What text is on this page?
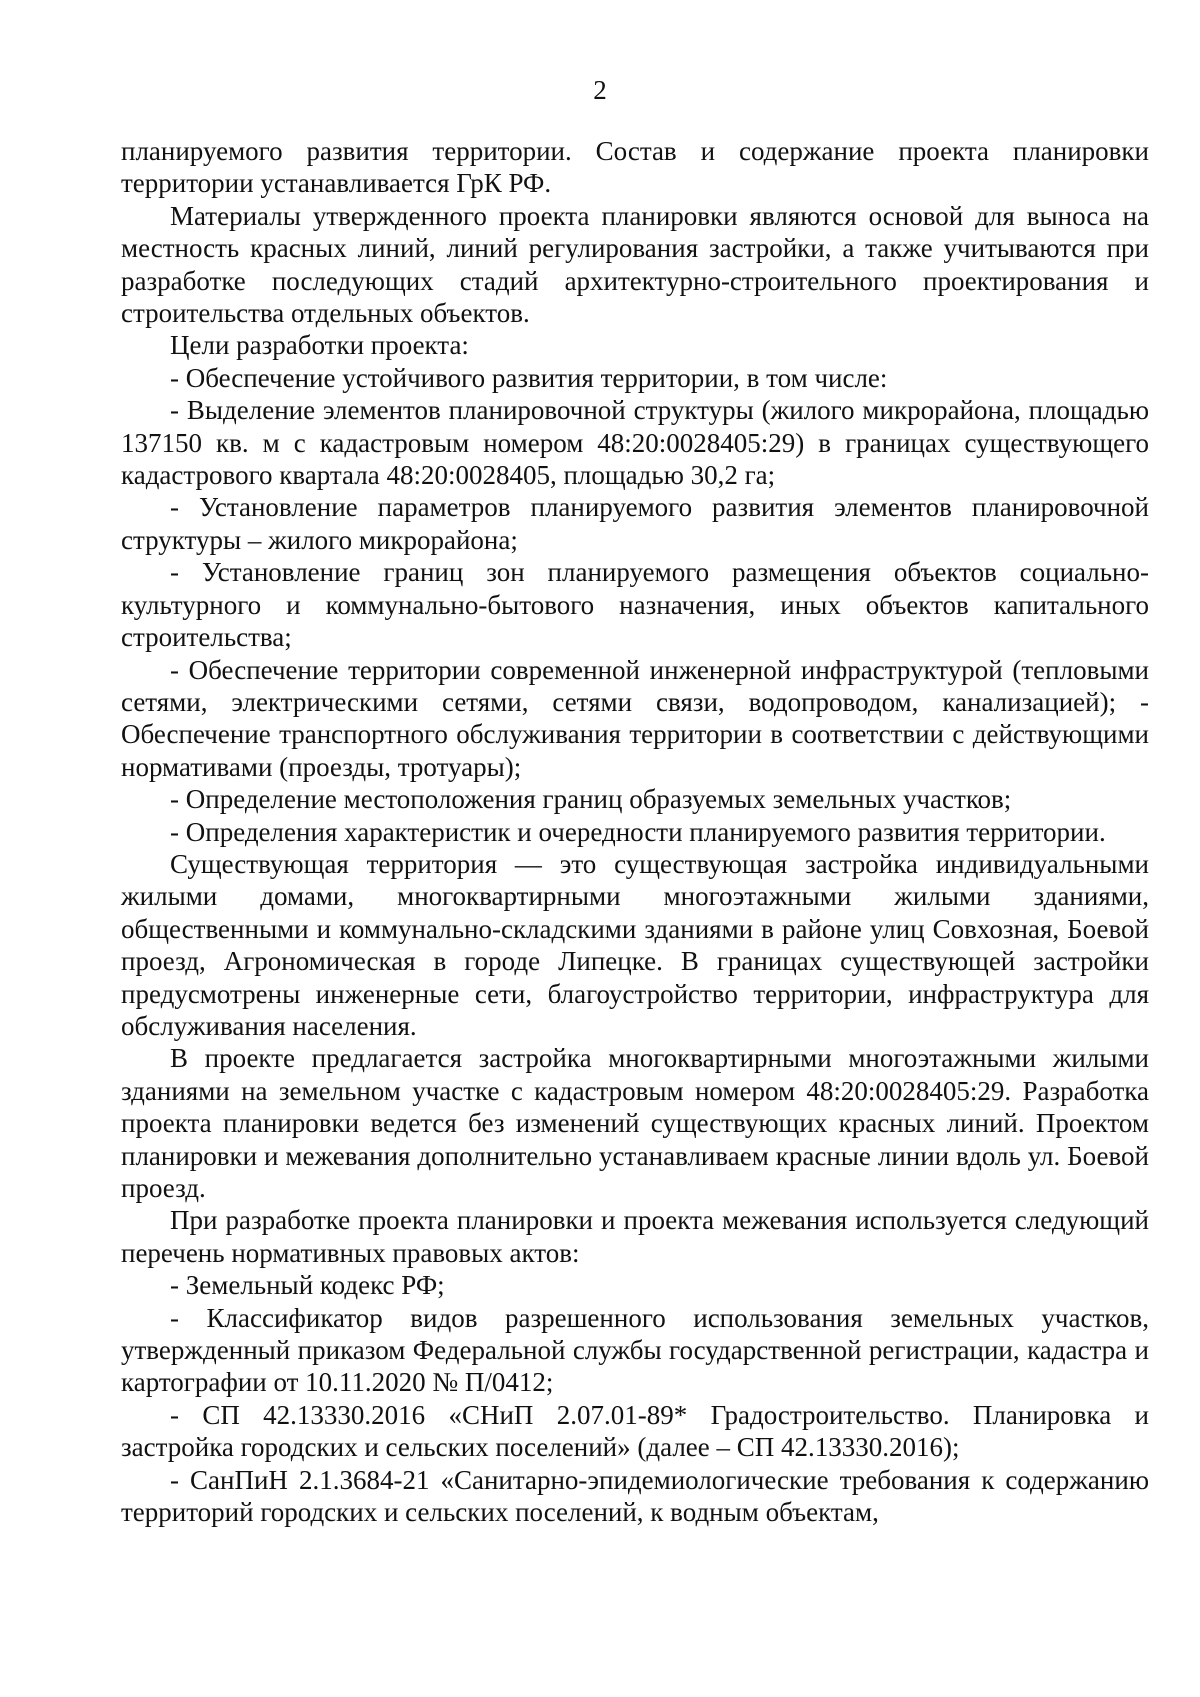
2

планируемого развития территории. Состав и содержание проекта планировки территории устанавливается ГрК РФ.

Материалы утвержденного проекта планировки являются основой для выноса на местность красных линий, линий регулирования застройки, а также учитываются при разработке последующих стадий архитектурно-строительного проектирования и строительства отдельных объектов.

Цели разработки проекта:

- Обеспечение устойчивого развития территории, в том числе:

- Выделение элементов планировочной структуры (жилого микрорайона, площадью 137150 кв. м с кадастровым номером 48:20:0028405:29) в границах существующего кадастрового квартала 48:20:0028405, площадью 30,2 га;

- Установление параметров планируемого развития элементов планировочной структуры – жилого микрорайона;

- Установление границ зон планируемого размещения объектов социально-культурного и коммунально-бытового назначения, иных объектов капитального строительства;

- Обеспечение территории современной инженерной инфраструктурой (тепловыми сетями, электрическими сетями, сетями связи, водопроводом, канализацией); - Обеспечение транспортного обслуживания территории в соответствии с действующими нормативами (проезды, тротуары);

- Определение местоположения границ образуемых земельных участков;

- Определения характеристик и очередности планируемого развития территории.

Существующая территория — это существующая застройка индивидуальными жилыми домами, многоквартирными многоэтажными жилыми зданиями, общественными и коммунально-складскими зданиями в районе улиц Совхозная, Боевой проезд, Агрономическая в городе Липецке. В границах существующей застройки предусмотрены инженерные сети, благоустройство территории, инфраструктура для обслуживания населения.

В проекте предлагается застройка многоквартирными многоэтажными жилыми зданиями на земельном участке с кадастровым номером 48:20:0028405:29. Разработка проекта планировки ведется без изменений существующих красных линий. Проектом планировки и межевания дополнительно устанавливаем красные линии вдоль ул. Боевой проезд.

При разработке проекта планировки и проекта межевания используется следующий перечень нормативных правовых актов:

- Земельный кодекс РФ;

- Классификатор видов разрешенного использования земельных участков, утвержденный приказом Федеральной службы государственной регистрации, кадастра и картографии от 10.11.2020 № П/0412;

- СП 42.13330.2016 «СНиП 2.07.01-89* Градостроительство. Планировка и застройка городских и сельских поселений» (далее – СП 42.13330.2016);

- СанПиН 2.1.3684-21 «Санитарно-эпидемиологические требования к содержанию территорий городских и сельских поселений, к водным объектам,
